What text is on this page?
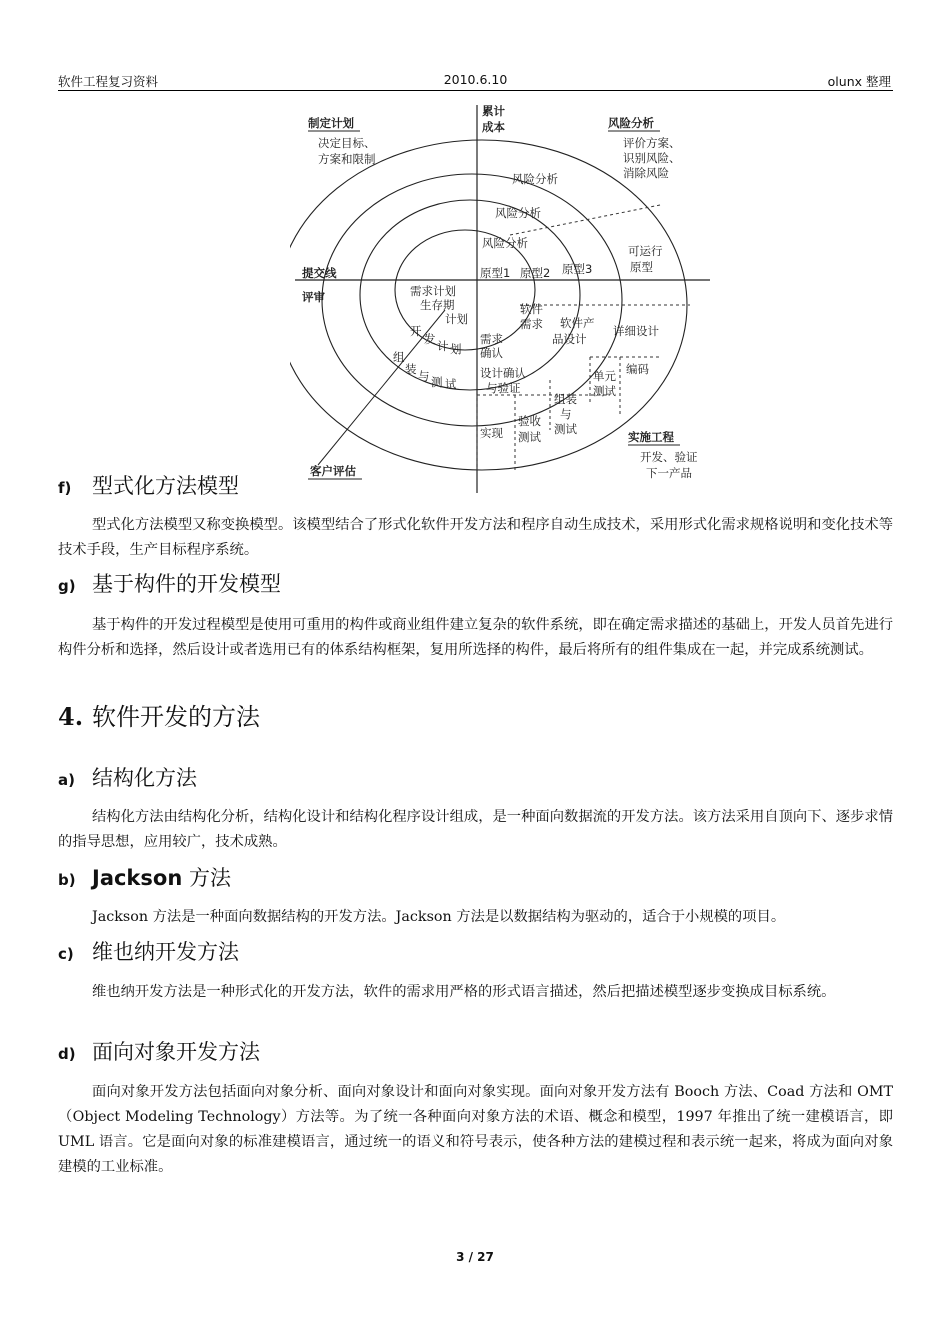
软件工程复习资料	2010.6.10	olunx 整理
制定计划
决定目标、
方案和限制
累计
成本	风险分析
评价方案、
识别风险、
消除风险
风险分析
风险分析
风险分析
原型1 原型2 原型3
可运行
原型
提交线
评审	需求计划
生存期
计划
开
发 计 划
组
装 与 测 试
软件
需求
需求
确认
软件产
品设计
详细设计
设计确认
与验证
实现
验收
测试
组装
与
测试
单元
测试
编码
实施工程
开发、验证
下一产品
客户评估
f) 型式化方法模型

型式化方法模型又称变换模型。该模型结合了形式化软件开发方法和程序自动生成技术，采用形式化需求规格说明和变化技术等技术手段，生产目标程序系统。

g) 基于构件的开发模型

基于构件的开发过程模型是使用可重用的构件或商业组件建立复杂的软件系统，即在确定需求描述的基础上，开发人员首先进行构件分析和选择，然后设计或者选用已有的体系结构框架，复用所选择的构件，最后将所有的组件集成在一起，并完成系统测试。

4. 软件开发的方法
a) 结构化方法

结构化方法由结构化分析，结构化设计和结构化程序设计组成，是一种面向数据流的开发方法。该方法采用自顶向下、逐步求情的指导思想，应用较广，技术成熟。

b) Jackson 方法

Jackson 方法是一种面向数据结构的开发方法。Jackson 方法是以数据结构为驱动的，适合于小规模的项目。

c) 维也纳开发方法

维也纳开发方法是一种形式化的开发方法，软件的需求用严格的形式语言描述，然后把描述模型逐步变换成目标系统。

d) 面向对象开发方法

面向对象开发方法包括面向对象分析、面向对象设计和面向对象实现。面向对象开发方法有 Booch 方法、Coad 方法和 OMT（Object Modeling Technology）方法等。为了统一各种面向对象方法的术语、概念和模型，1997 年推出了统一建模语言，即 UML 语言。它是面向对象的标准建模语言，通过统一的语义和符号表示，使各种方法的建模过程和表示统一起来，将成为面向对象建模的工业标准。

3 / 27
